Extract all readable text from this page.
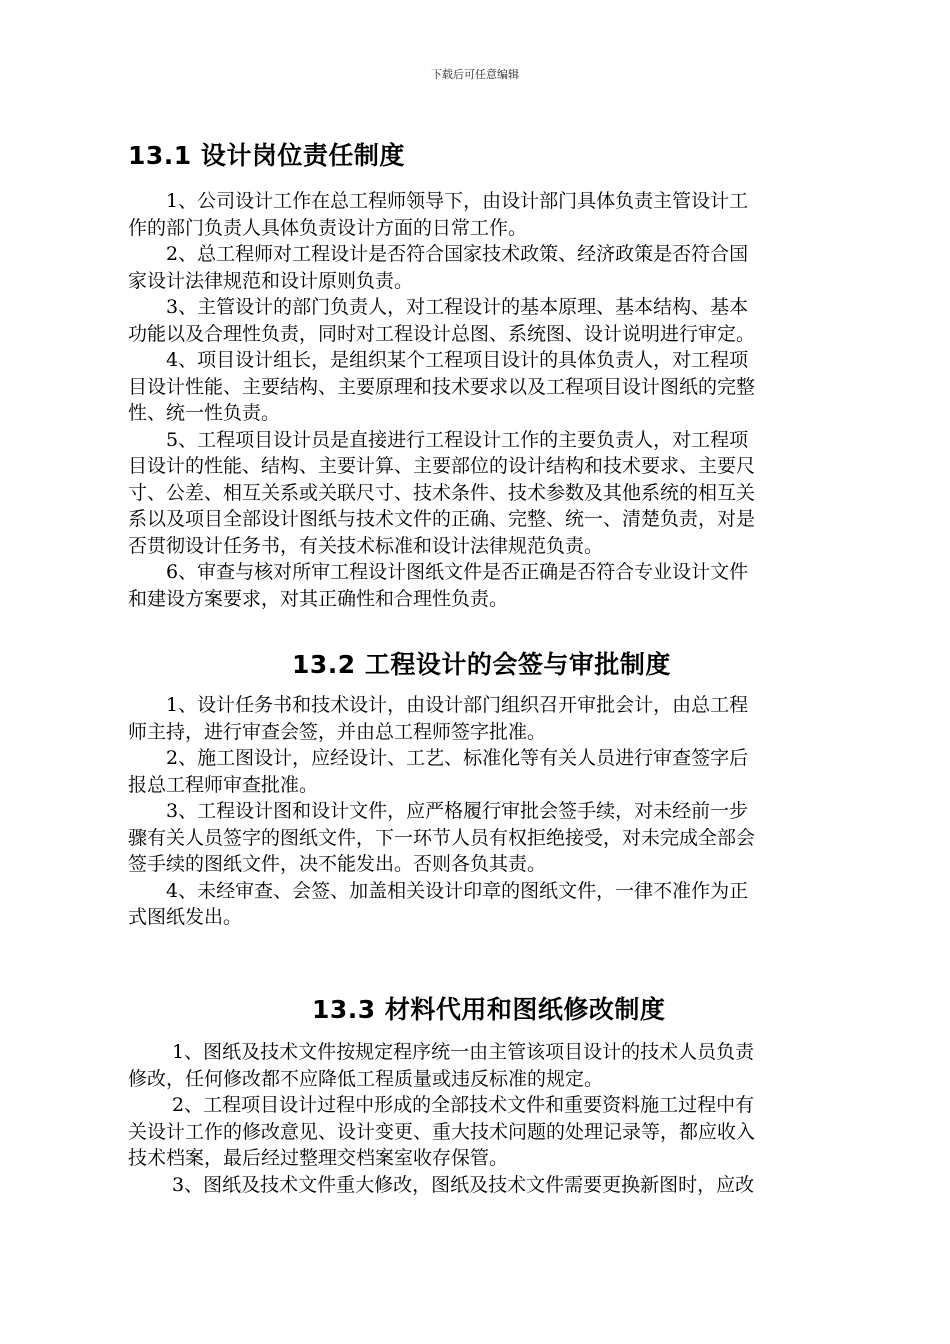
下载后可任意编辑
13.1 设计岗位责任制度
　　1、公司设计工作在总工程师领导下，由设计部门具体负责主管设计工
作的部门负责人具体负责设计方面的日常工作。
　　2、总工程师对工程设计是否符合国家技术政策、经济政策是否符合国
家设计法律规范和设计原则负责。
　　3、主管设计的部门负责人，对工程设计的基本原理、基本结构、基本
功能以及合理性负责，同时对工程设计总图、系统图、设计说明进行审定。
　　4、项目设计组长，是组织某个工程项目设计的具体负责人，对工程项
目设计性能、主要结构、主要原理和技术要求以及工程项目设计图纸的完整
性、统一性负责。
　　5、工程项目设计员是直接进行工程设计工作的主要负责人，对工程项
目设计的性能、结构、主要计算、主要部位的设计结构和技术要求、主要尺
寸、公差、相互关系或关联尺寸、技术条件、技术参数及其他系统的相互关
系以及项目全部设计图纸与技术文件的正确、完整、统一、清楚负责，对是
否贯彻设计任务书，有关技术标准和设计法律规范负责。
　　6、审查与核对所审工程设计图纸文件是否正确是否符合专业设计文件
和建设方案要求，对其正确性和合理性负责。
13.2 工程设计的会签与审批制度
　　1、设计任务书和技术设计，由设计部门组织召开审批会计，由总工程
师主持，进行审查会签，并由总工程师签字批准。
　　2、施工图设计，应经设计、工艺、标准化等有关人员进行审查签字后
报总工程师审查批准。
　　3、工程设计图和设计文件，应严格履行审批会签手续，对未经前一步
骤有关人员签字的图纸文件，下一环节人员有权拒绝接受，对未完成全部会
签手续的图纸文件，决不能发出。否则各负其责。
　　4、未经审查、会签、加盖相关设计印章的图纸文件，一律不准作为正
式图纸发出。
13.3 材料代用和图纸修改制度
　　 1、图纸及技术文件按规定程序统一由主管该项目设计的技术人员负责
修改，任何修改都不应降低工程质量或违反标准的规定。
　　 2、工程项目设计过程中形成的全部技术文件和重要资料施工过程中有
关设计工作的修改意见、设计变更、重大技术问题的处理记录等，都应收入
技术档案，最后经过整理交档案室收存保管。
　　 3、图纸及技术文件重大修改，图纸及技术文件需要更换新图时，应改
